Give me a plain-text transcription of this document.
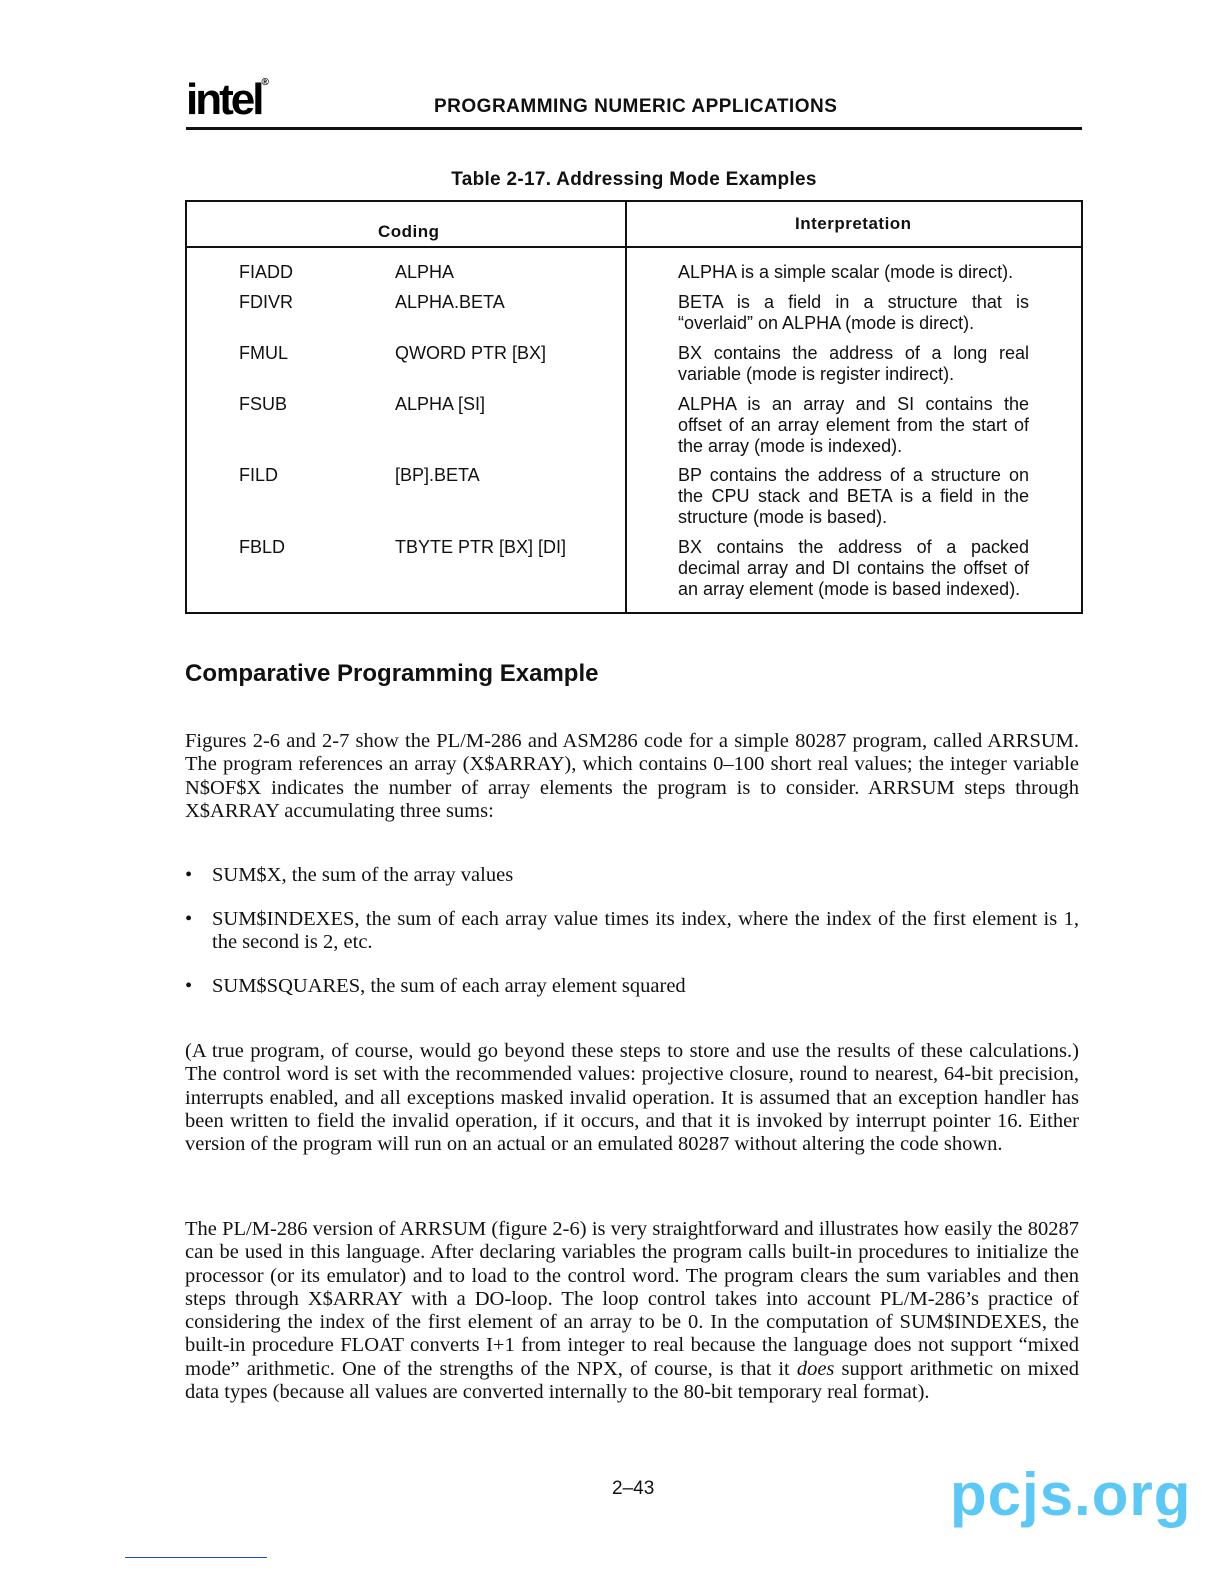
intel®
PROGRAMMING NUMERIC APPLICATIONS
Table 2-17. Addressing Mode Examples
Coding	Interpretation
FIADD	ALPHA	ALPHA is a simple scalar (mode is direct).
FDIVR	ALPHA.BETA	BETA is a field in a structure that is “overlaid” on ALPHA (mode is direct).
FMUL	QWORD PTR [BX]	BX contains the address of a long real variable (mode is register indirect).
FSUB	ALPHA [SI]	ALPHA is an array and SI contains the offset of an array element from the start of the array (mode is indexed).
FILD	[BP].BETA	BP contains the address of a structure on the CPU stack and BETA is a field in the structure (mode is based).
FBLD	TBYTE PTR [BX] [DI]	BX contains the address of a packed decimal array and DI contains the offset of an array element (mode is based indexed).
Comparative Programming Example

Figures 2-6 and 2-7 show the PL/M-286 and ASM286 code for a simple 80287 program, called ARRSUM. The program references an array (X$ARRAY), which contains 0–100 short real values; the integer variable N$OF$X indicates the number of array elements the program is to consider. ARRSUM steps through X$ARRAY accumulating three sums:

• SUM$X, the sum of the array values
• SUM$INDEXES, the sum of each array value times its index, where the index of the first element is 1, the second is 2, etc.
• SUM$SQUARES, the sum of each array element squared

(A true program, of course, would go beyond these steps to store and use the results of these calculations.) The control word is set with the recommended values: projective closure, round to nearest, 64-bit precision, interrupts enabled, and all exceptions masked invalid operation. It is assumed that an exception handler has been written to field the invalid operation, if it occurs, and that it is invoked by interrupt pointer 16. Either version of the program will run on an actual or an emulated 80287 without altering the code shown.

The PL/M-286 version of ARRSUM (figure 2-6) is very straightforward and illustrates how easily the 80287 can be used in this language. After declaring variables the program calls built-in procedures to initialize the processor (or its emulator) and to load to the control word. The program clears the sum variables and then steps through X$ARRAY with a DO-loop. The loop control takes into account PL/M-286’s practice of considering the index of the first element of an array to be 0. In the computation of SUM$INDEXES, the built-in procedure FLOAT converts I+1 from integer to real because the language does not support “mixed mode” arithmetic. One of the strengths of the NPX, of course, is that it does support arithmetic on mixed data types (because all values are converted internally to the 80-bit temporary real format).

2–43	pcjs.org
